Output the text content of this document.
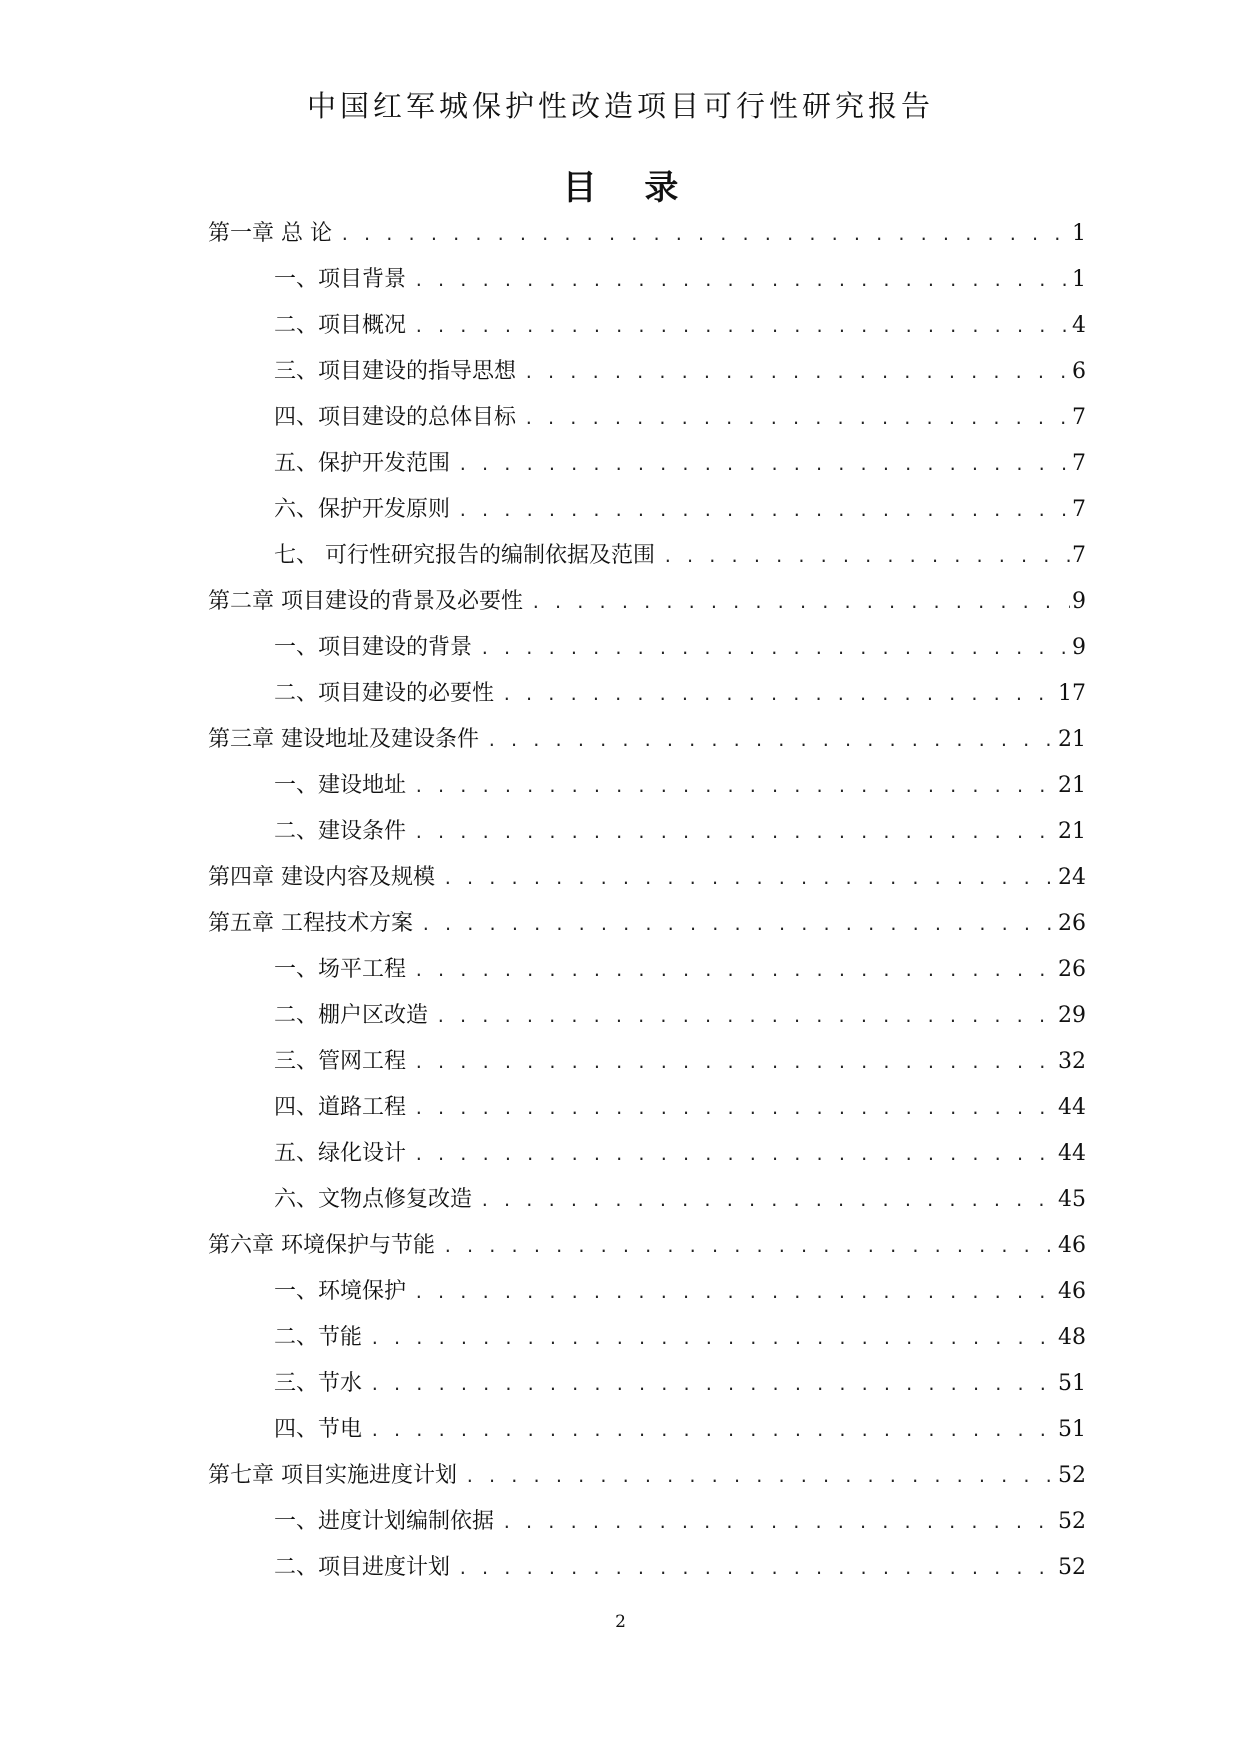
中国红军城保护性改造项目可行性研究报告
目 录
第一章 总 论 . . .	1
一、项目背景 . . .	1
二、项目概况 . . .	4
三、项目建设的指导思想 . . .	6
四、项目建设的总体目标 . . .	7
五、保护开发范围 . . .	7
六、保护开发原则 . . .	7
七、 可行性研究报告的编制依据及范围 . . .	7
第二章 项目建设的背景及必要性 . . .	9
一、项目建设的背景 . . .	9
二、项目建设的必要性 . . .	17
第三章 建设地址及建设条件 . . .	21
一、建设地址 . . .	21
二、建设条件 . . .	21
第四章 建设内容及规模 . . .	24
第五章 工程技术方案 . . .	26
一、场平工程 . . .	26
二、棚户区改造 . . .	29
三、管网工程 . . .	32
四、道路工程 . . .	44
五、绿化设计 . . .	44
六、文物点修复改造 . . .	45
第六章 环境保护与节能 . . .	46
一、环境保护 . . .	46
二、节能 . . .	48
三、节水 . . .	51
四、节电 . . .	51
第七章 项目实施进度计划 . . .	52
一、进度计划编制依据 . . .	52
二、项目进度计划 . . .	52
2
